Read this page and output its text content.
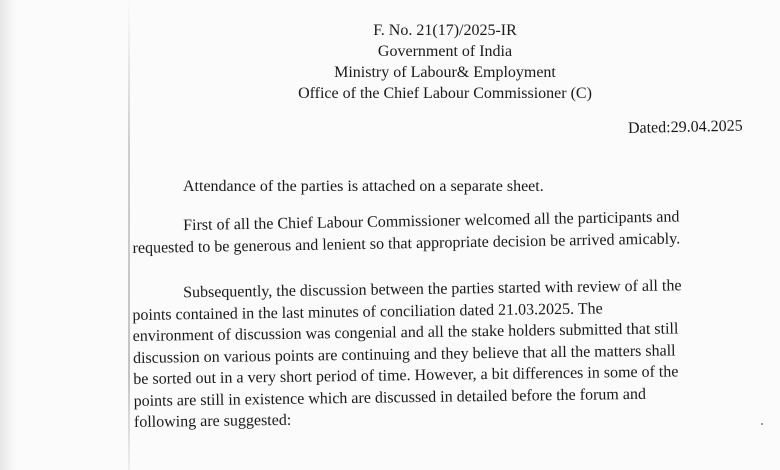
F. No. 21(17)/2025-IR
Government of India
Ministry of Labour& Employment
Office of the Chief Labour Commissioner (C)
Dated:29.04.2025
Attendance of the parties is attached on a separate sheet.
First of all the Chief Labour Commissioner welcomed all the participants and
requested to be generous and lenient so that appropriate decision be arrived amicably.
Subsequently, the discussion between the parties started with review of all the
points contained in the last minutes of conciliation dated 21.03.2025. The
environment of discussion was congenial and all the stake holders submitted that still
discussion on various points are continuing and they believe that all the matters shall
be sorted out in a very short period of time. However, a bit differences in some of the
points are still in existence which are discussed in detailed before the forum and
following are suggested:
